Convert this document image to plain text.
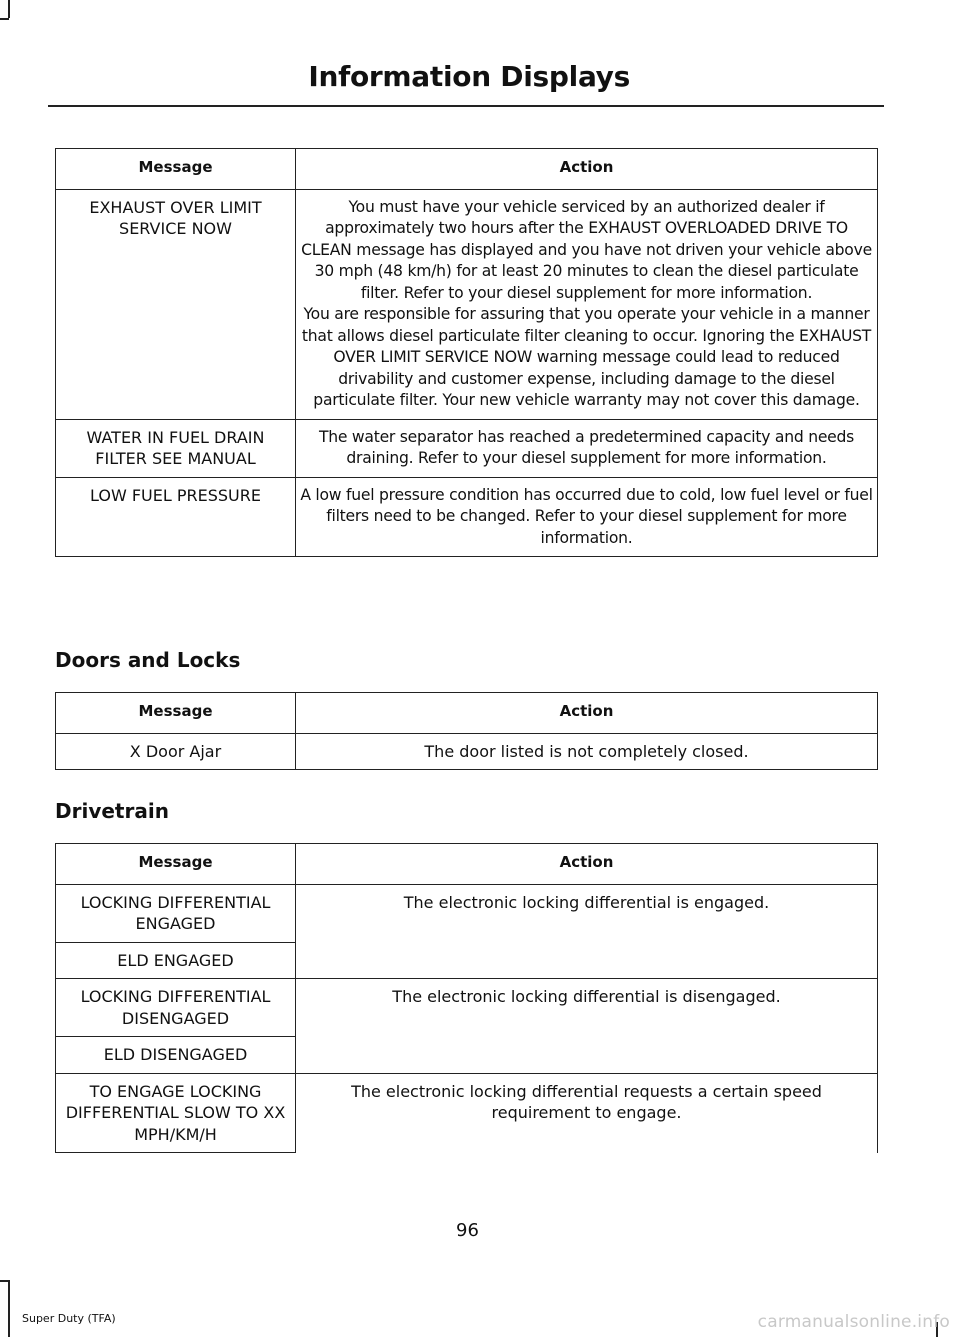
Information Displays
Message	Action
EXHAUST OVER LIMIT SERVICE NOW	You must have your vehicle serviced by an authorized dealer if approximately two hours after the EXHAUST OVERLOADED DRIVE TO CLEAN message has displayed and you have not driven your vehicle above 30 mph (48 km/h) for at least 20 minutes to clean the diesel particulate filter. Refer to your diesel supplement for more information.
You are responsible for assuring that you operate your vehicle in a manner that allows diesel particulate filter cleaning to occur. Ignoring the EXHAUST OVER LIMIT SERVICE NOW warning message could lead to reduced drivability and customer expense, including damage to the diesel particulate filter. Your new vehicle warranty may not cover this damage.

WATER IN FUEL DRAIN FILTER SEE MANUAL	The water separator has reached a predetermined capacity and needs draining. Refer to your diesel supplement for more information.
LOW FUEL PRESSURE	A low fuel pressure condition has occurred due to cold, low fuel level or fuel filters need to be changed. Refer to your diesel supplement for more information.
Doors and Locks
Message	Action
X Door Ajar	The door listed is not completely closed.
Drivetrain
Message	Action
LOCKING DIFFERENTIAL ENGAGED	The electronic locking differential is engaged.
ELD ENGAGED	
LOCKING DIFFERENTIAL DISENGAGED	The electronic locking differential is disengaged.
ELD DISENGAGED	
TO ENGAGE LOCKING DIFFERENTIAL SLOW TO XX MPH/KM/H	The electronic locking differential requests a certain speed requirement to engage.
96
Super Duty (TFA)	carmanualsonline.info
